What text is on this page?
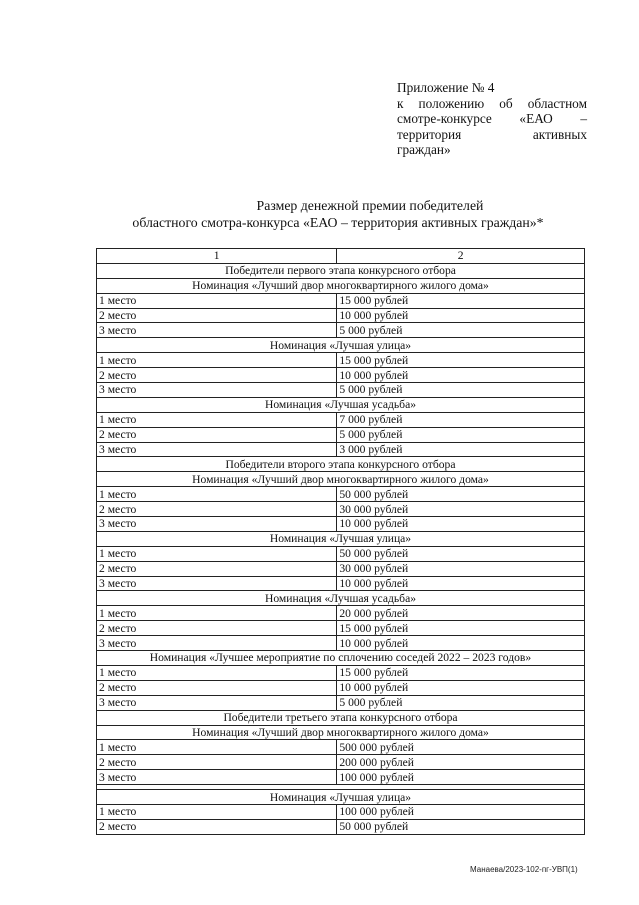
Приложение № 4
к положению об областном
смотре-конкурсе «ЕАО –
территория активных
граждан»
Размер денежной премии победителей
областного смотра-конкурса «ЕАО – территория активных граждан»*
1	2
Победители первого этапа конкурсного отбора	
Номинация «Лучший двор многоквартирного жилого дома»	
1 место	15 000 рублей
2 место	10 000 рублей
3 место	5 000 рублей
Номинация «Лучшая улица»	
1 место	15 000 рублей
2 место	10 000 рублей
3 место	5 000 рублей
Номинация «Лучшая усадьба»	
1 место	7 000 рублей
2 место	5 000 рублей
3 место	3 000 рублей
Победители второго этапа конкурсного отбора	
Номинация «Лучший двор многоквартирного жилого дома»	
1 место	50 000 рублей
2 место	30 000 рублей
3 место	10 000 рублей
Номинация «Лучшая улица»	
1 место	50 000 рублей
2 место	30 000 рублей
3 место	10 000 рублей
Номинация «Лучшая усадьба»	
1 место	20 000 рублей
2 место	15 000 рублей
3 место	10 000 рублей
Номинация «Лучшее мероприятие по сплочению соседей 2022 – 2023 годов»	
1 место	15 000 рублей
2 место	10 000 рублей
3 место	5 000 рублей
Победители третьего этапа конкурсного отбора	
Номинация «Лучший двор многоквартирного жилого дома»	
1 место	500 000 рублей
2 место	200 000 рублей
3 место	100 000 рублей

Номинация «Лучшая улица»	
1 место	100 000 рублей
2 место	50 000 рублей
Манаева/2023-102-пг-УВП(1)
